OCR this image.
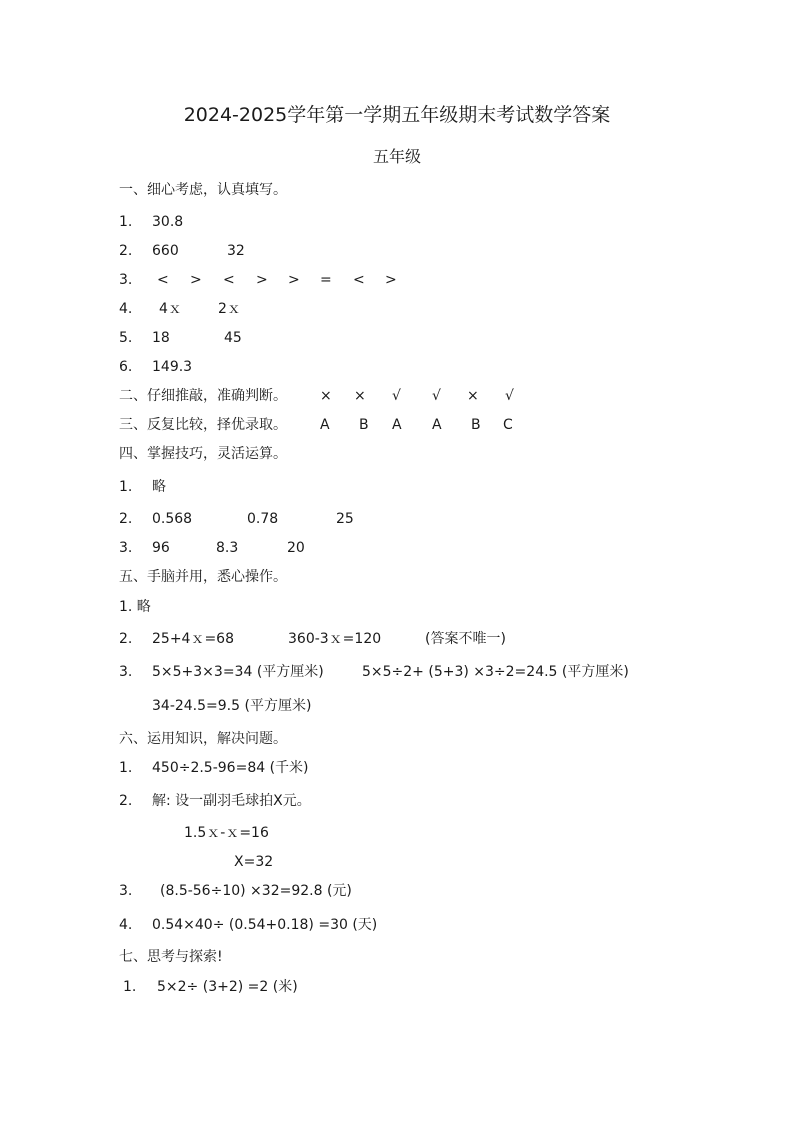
2024-2025学年第一学期五年级期末考试数学答案
五年级
一、细心考虑，认真填写。
1. 30.8
2. 660	32
3. < > < > > = < >
4. 4ｘ	2ｘ
5. 18	45
6. 149.3
二、仔细推敲，准确判断。 × × √ √ × √
三、反复比较，择优录取。 A B A A B C
四、掌握技巧，灵活运算。
1. 略
2. 0.568	0.78	25
3. 96	8.3	20
五、手脑并用，悉心操作。
1. 略
2. 25+4ｘ=68	360-3ｘ=120	(答案不唯一)
3. 5×5+3×3=34 (平方厘米)	5×5÷2+ (5+3) ×3÷2=24.5 (平方厘米)
34-24.5=9.5 (平方厘米)
六、运用知识，解决问题。
1. 450÷2.5-96=84 (千米)
2. 解: 设一副羽毛球拍X元。
1.5ｘ-ｘ=16
X=32
3. (8.5-56÷10) ×32=92.8 (元)
4. 0.54×40÷ (0.54+0.18) =30 (天)
七、思考与探索!
1. 5×2÷ (3+2) =2 (米)
